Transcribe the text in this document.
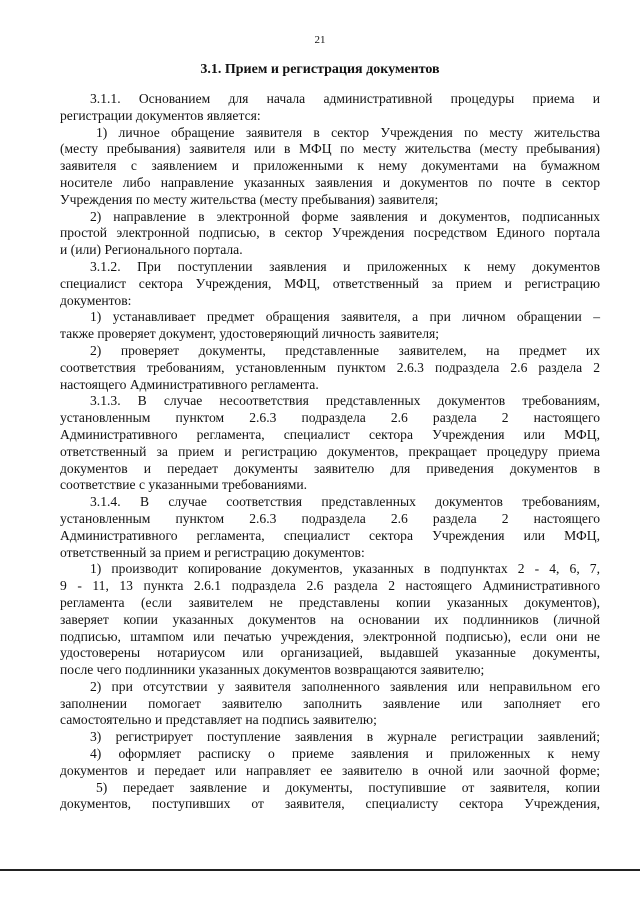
21
3.1. Прием и регистрация документов
3.1.1. Основанием для начала административной процедуры приема и
регистрации документов является:
1) личное обращение заявителя в сектор Учреждения по месту жительства
(месту пребывания) заявителя или в МФЦ по месту жительства (месту пребывания)
заявителя с заявлением и приложенными к нему документами на бумажном
носителе либо направление указанных заявления и документов по почте в сектор
Учреждения по месту жительства (месту пребывания) заявителя;
2) направление в электронной форме заявления и документов, подписанных
простой электронной подписью, в сектор Учреждения посредством Единого портала
и (или) Регионального портала.
3.1.2. При поступлении заявления и приложенных к нему документов
специалист сектора Учреждения, МФЦ, ответственный за прием и регистрацию
документов:
1) устанавливает предмет обращения заявителя, а при личном обращении –
также проверяет документ, удостоверяющий личность заявителя;
2) проверяет документы, представленные заявителем, на предмет их
соответствия требованиям, установленным пунктом 2.6.3 подраздела 2.6 раздела 2
настоящего Административного регламента.
3.1.3. В случае несоответствия представленных документов требованиям,
установленным пунктом 2.6.3 подраздела 2.6 раздела 2 настоящего
Административного регламента, специалист сектора Учреждения или МФЦ,
ответственный за прием и регистрацию документов, прекращает процедуру приема
документов и передает документы заявителю для приведения документов в
соответствие с указанными требованиями.
3.1.4. В случае соответствия представленных документов требованиям,
установленным пунктом 2.6.3 подраздела 2.6 раздела 2 настоящего
Административного регламента, специалист сектора Учреждения или МФЦ,
ответственный за прием и регистрацию документов:
1) производит копирование документов, указанных в подпунктах 2 - 4, 6, 7,
9 - 11, 13 пункта 2.6.1 подраздела 2.6 раздела 2 настоящего Административного
регламента (если заявителем не представлены копии указанных документов),
заверяет копии указанных документов на основании их подлинников (личной
подписью, штампом или печатью учреждения, электронной подписью), если они не
удостоверены нотариусом или организацией, выдавшей указанные документы,
после чего подлинники указанных документов возвращаются заявителю;
2) при отсутствии у заявителя заполненного заявления или неправильном его
заполнении помогает заявителю заполнить заявление или заполняет его
самостоятельно и представляет на подпись заявителю;
3) регистрирует поступление заявления в журнале регистрации заявлений;
4) оформляет расписку о приеме заявления и приложенных к нему
документов и передает или направляет ее заявителю в очной или заочной форме;
5) передает заявление и документы, поступившие от заявителя, копии
документов, поступивших от заявителя, специалисту сектора Учреждения,
